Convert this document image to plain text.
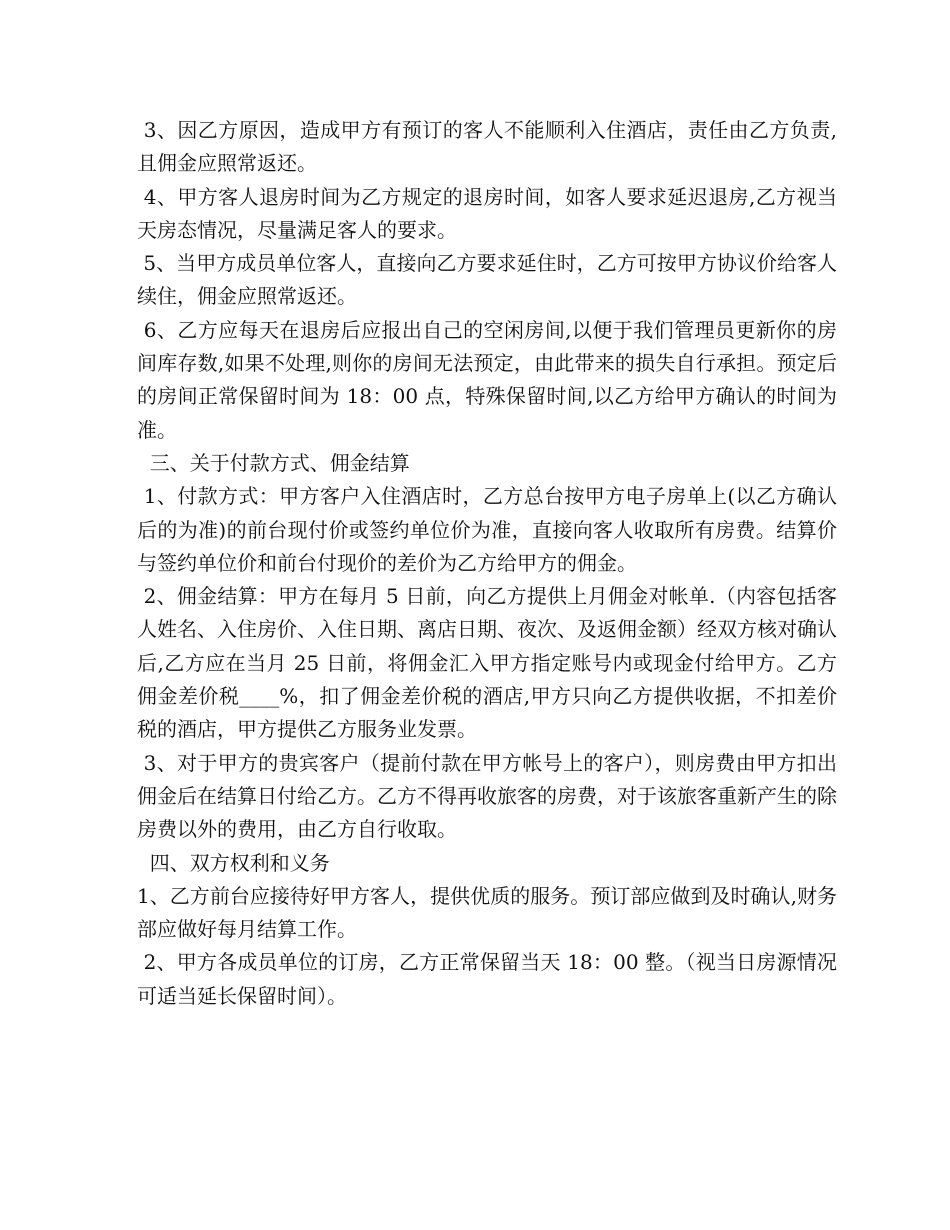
3、因乙方原因，造成甲方有预订的客人不能顺利入住酒店，责任由乙方负责,且佣金应照常返还。

4、甲方客人退房时间为乙方规定的退房时间，如客人要求延迟退房,乙方视当天房态情况，尽量满足客人的要求。

5、当甲方成员单位客人，直接向乙方要求延住时，乙方可按甲方协议价给客人续住，佣金应照常返还。

6、乙方应每天在退房后应报出自己的空闲房间,以便于我们管理员更新你的房间库存数,如果不处理,则你的房间无法预定，由此带来的损失自行承担。预定后的房间正常保留时间为 18：00 点，特殊保留时间,以乙方给甲方确认的时间为准。

三、关于付款方式、佣金结算

1、付款方式：甲方客户入住酒店时，乙方总台按甲方电子房单上(以乙方确认后的为准)的前台现付价或签约单位价为准，直接向客人收取所有房费。结算价与签约单位价和前台付现价的差价为乙方给甲方的佣金。

2、佣金结算：甲方在每月 5 日前，向乙方提供上月佣金对帐单.（内容包括客人姓名、入住房价、入住日期、离店日期、夜次、及返佣金额）经双方核对确认后,乙方应在当月 25 日前，将佣金汇入甲方指定账号内或现金付给甲方。乙方佣金差价税____%，扣了佣金差价税的酒店,甲方只向乙方提供收据，不扣差价税的酒店，甲方提供乙方服务业发票。

3、对于甲方的贵宾客户（提前付款在甲方帐号上的客户），则房费由甲方扣出佣金后在结算日付给乙方。乙方不得再收旅客的房费，对于该旅客重新产生的除房费以外的费用，由乙方自行收取。

四、双方权利和义务

1、乙方前台应接待好甲方客人，提供优质的服务。预订部应做到及时确认,财务部应做好每月结算工作。

2、甲方各成员单位的订房，乙方正常保留当天 18：00 整。（视当日房源情况可适当延长保留时间）。
